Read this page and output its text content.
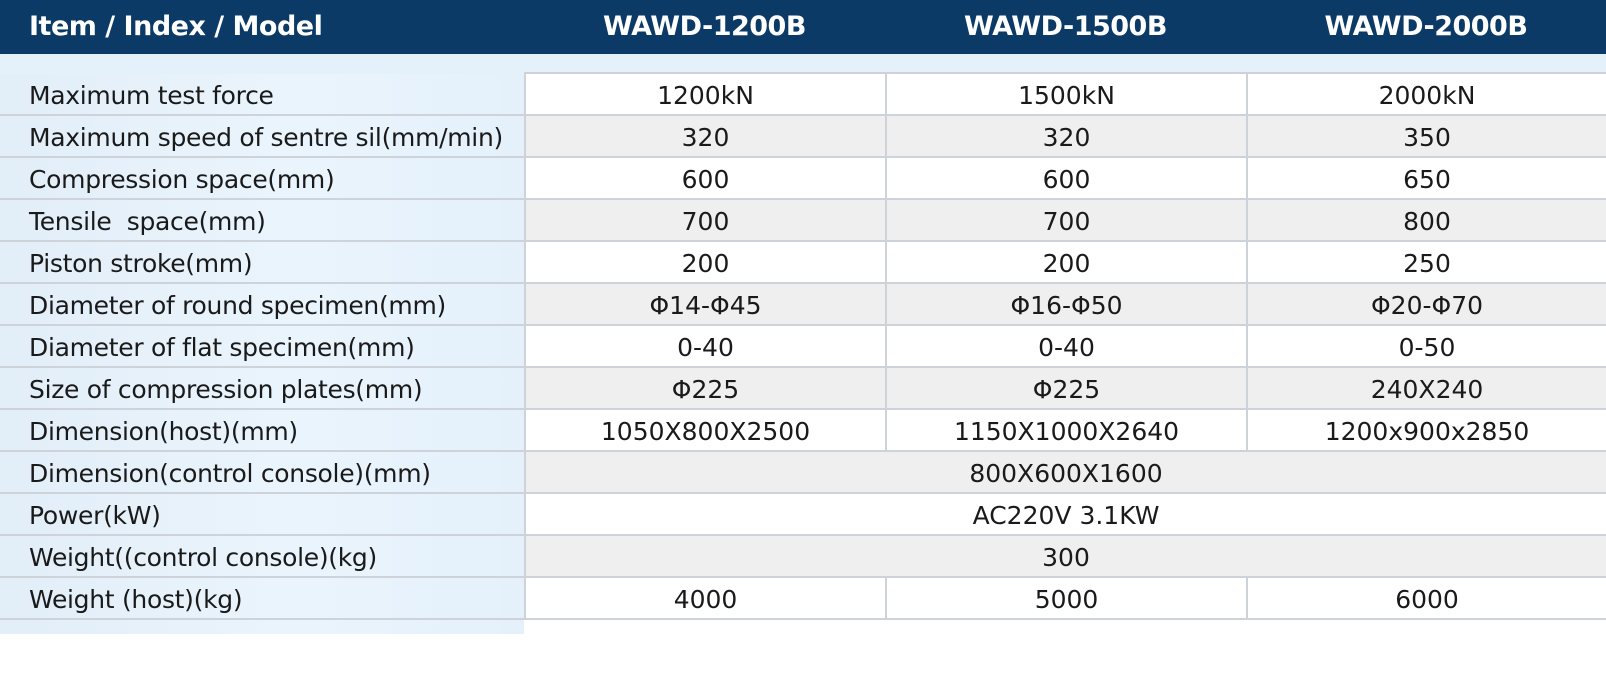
Item / Index / Model	WAWD-1200B	WAWD-1500B	WAWD-2000B
Maximum test force	1200kN	1500kN	2000kN
Maximum speed of sentre sil(mm/min)	320	320	350
Compression space(mm)	600	600	650
Tensile  space(mm)	700	700	800
Piston stroke(mm)	200	200	250
Diameter of round specimen(mm)	Φ14-Φ45	Φ16-Φ50	Φ20-Φ70
Diameter of flat specimen(mm)	0-40	0-40	0-50
Size of compression plates(mm)	Φ225	Φ225	240X240
Dimension(host)(mm)	1050X800X2500	1150X1000X2640	1200x900x2850
Dimension(control console)(mm)	800X600X1600
Power(kW)	AC220V 3.1KW
Weight((control console)(kg)	300
Weight (host)(kg)	4000	5000	6000
